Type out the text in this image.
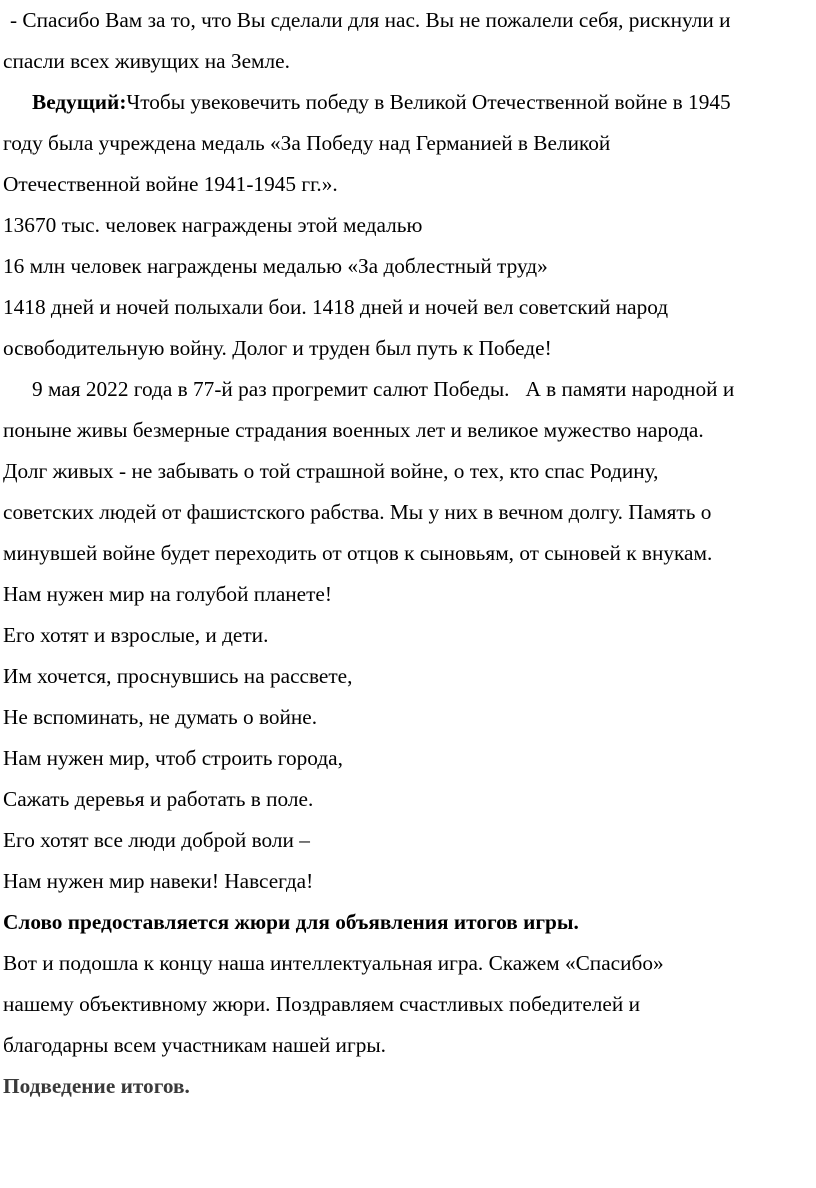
- Спасибо Вам за то, что Вы сделали для нас. Вы не пожалели себя, рискнули и
спасли всех живущих на Земле.
Ведущий:Чтобы увековечить победу в Великой Отечественной войне в 1945
году была учреждена медаль «За Победу над Германией в Великой
Отечественной войне 1941-1945 гг.».
13670 тыс. человек награждены этой медалью
16 млн человек награждены медалью «За доблестный труд»
1418 дней и ночей полыхали бои. 1418 дней и ночей вел советский народ
освободительную войну. Долог и труден был путь к Победе!
9 мая 2022 года в 77-й раз прогремит салют Победы.   А в памяти народной и
поныне живы безмерные страдания военных лет и великое мужество народа.
Долг живых - не забывать о той страшной войне, о тех, кто спас Родину,
советских людей от фашистского рабства. Мы у них в вечном долгу. Память о
минувшей войне будет переходить от отцов к сыновьям, от сыновей к внукам.
Нам нужен мир на голубой планете!
Его хотят и взрослые, и дети.
Им хочется, проснувшись на рассвете,
Не вспоминать, не думать о войне.
Нам нужен мир, чтоб строить города,
Сажать деревья и работать в поле.
Его хотят все люди доброй воли –
Нам нужен мир навеки! Навсегда!
Слово предоставляется жюри для объявления итогов игры.
Вот и подошла к концу наша интеллектуальная игра. Скажем «Спасибо»
нашему объективному жюри. Поздравляем счастливых победителей и
благодарны всем участникам нашей игры.
Подведение итогов.
